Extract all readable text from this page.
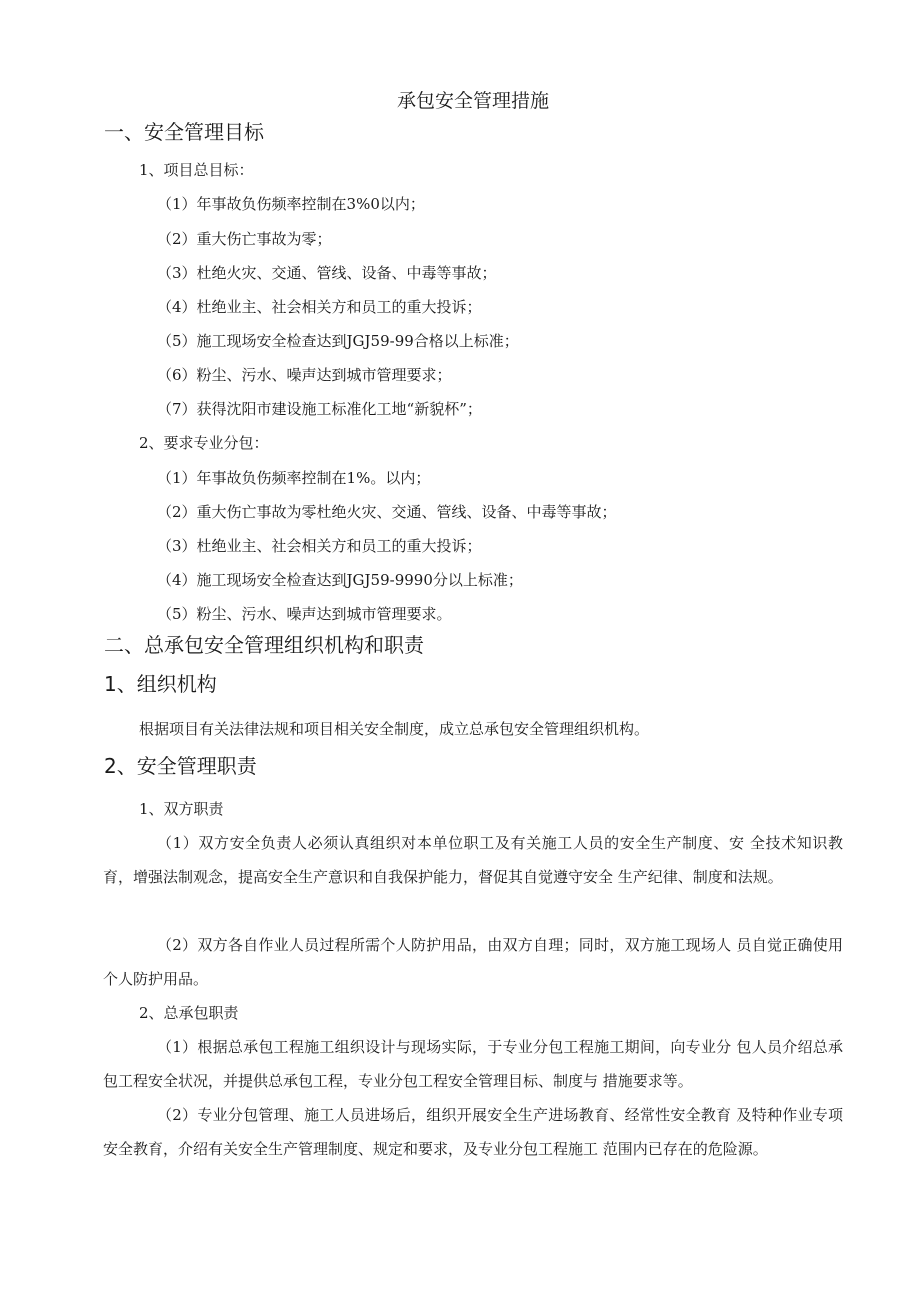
承包安全管理措施
一、安全管理目标
1、项目总目标：
（1）年事故负伤频率控制在3%0以内；
（2）重大伤亡事故为零；
（3）杜绝火灾、交通、管线、设备、中毒等事故；
（4）杜绝业主、社会相关方和员工的重大投诉；
（5）施工现场安全检查达到JGJ59-99合格以上标准；
（6）粉尘、污水、噪声达到城市管理要求；
（7）获得沈阳市建设施工标准化工地“新貌杯”；
2、要求专业分包：
（1）年事故负伤频率控制在1%。以内；
（2）重大伤亡事故为零杜绝火灾、交通、管线、设备、中毒等事故；
（3）杜绝业主、社会相关方和员工的重大投诉；
（4）施工现场安全检查达到JGJ59-9990分以上标准；
（5）粉尘、污水、噪声达到城市管理要求。
二、总承包安全管理组织机构和职责
1、组织机构
根据项目有关法律法规和项目相关安全制度，成立总承包安全管理组织机构。
2、安全管理职责
1、双方职责
（1）双方安全负责人必须认真组织对本单位职工及有关施工人员的安全生产制度、安 全技术知识教育，增强法制观念，提高安全生产意识和自我保护能力，督促其自觉遵守安全 生产纪律、制度和法规。
（2）双方各自作业人员过程所需个人防护用品，由双方自理；同时，双方施工现场人 员自觉正确使用个人防护用品。
2、总承包职责
（1）根据总承包工程施工组织设计与现场实际，于专业分包工程施工期间，向专业分 包人员介绍总承包工程安全状况，并提供总承包工程，专业分包工程安全管理目标、制度与 措施要求等。
（2）专业分包管理、施工人员进场后，组织开展安全生产进场教育、经常性安全教育 及特种作业专项安全教育，介绍有关安全生产管理制度、规定和要求，及专业分包工程施工 范围内已存在的危险源。
